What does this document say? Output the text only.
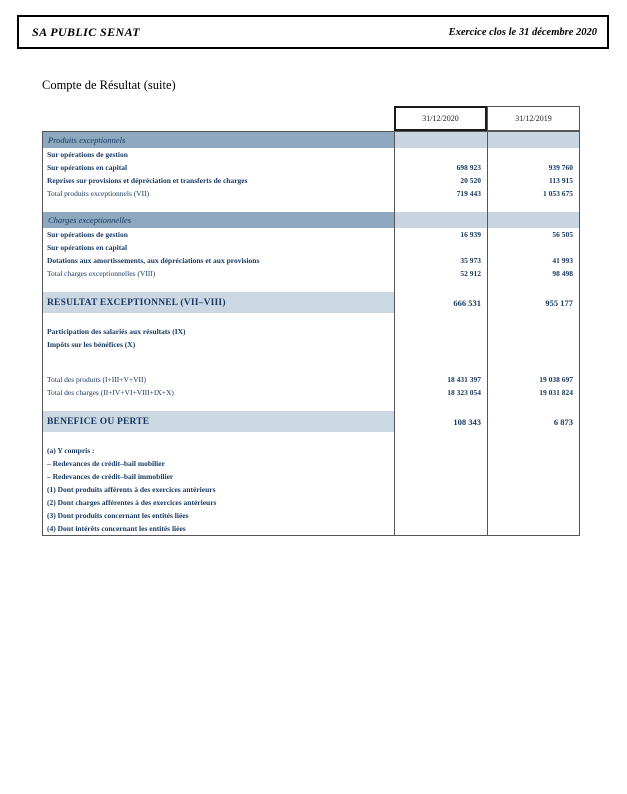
SA PUBLIC SENAT	Exercice clos le 31 décembre 2020
Compte de Résultat (suite)
31/12/2020	31/12/2019
Produits exceptionnels
Sur opérations de gestion
Sur opérations en capital	698 923	939 760
Reprises sur provisions et dépréciation et transferts de charges	20 520	113 915
Total produits exceptionnels (VII)	719 443	1 053 675
Charges exceptionnelles
Sur opérations de gestion	16 939	56 505
Sur opérations en capital
Dotations aux amortissements, aux dépréciations et aux provisions	35 973	41 993
Total charges exceptionnelles (VIII)	52 912	98 498
RESULTAT EXCEPTIONNEL (VII–VIII)	666 531	955 177
Participation des salariés aux résultats (IX)
Impôts sur les bénéfices (X)
Total des produits (I+III+V+VII)	18 431 397	19 038 697
Total des charges (II+IV+VI+VIII+IX+X)	18 323 054	19 031 824
BENEFICE OU PERTE	108 343	6 873
(a) Y compris :
– Redevances de crédit–bail mobilier
– Redevances de crédit–bail immobilier
(1) Dont produits afférents à des exercices antérieurs
(2) Dont charges afférentes à des exercices antérieurs
(3) Dont produits concernant les entités liées
(4) Dont intérêts concernant les entités liées
